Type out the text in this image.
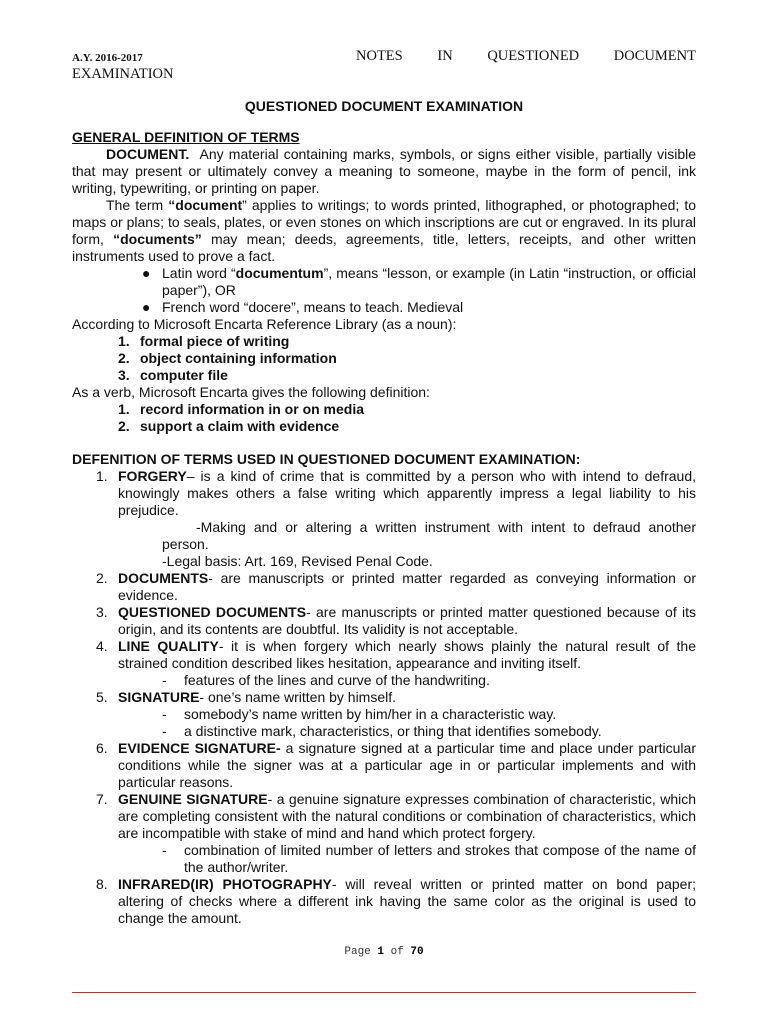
A.Y. 2016-2017	NOTES IN QUESTIONED DOCUMENT
EXAMINATION
QUESTIONED DOCUMENT EXAMINATION
GENERAL DEFINITION OF TERMS

DOCUMENT. Any material containing marks, symbols, or signs either visible, partially visible that may present or ultimately convey a meaning to someone, maybe in the form of pencil, ink writing, typewriting, or printing on paper.

The term “document” applies to writings; to words printed, lithographed, or photographed; to maps or plans; to seals, plates, or even stones on which inscriptions are cut or engraved. In its plural form, “documents” may mean; deeds, agreements, title, letters, receipts, and other written instruments used to prove a fact.

● Latin word “documentum”, means “lesson, or example (in Latin “instruction, or official paper”), OR
● French word “docere”, means to teach. Medieval

According to Microsoft Encarta Reference Library (as a noun):

1. formal piece of writing
2. object containing information
3. computer file

As a verb, Microsoft Encarta gives the following definition:

1. record information in or on media
2. support a claim with evidence
DEFENITION OF TERMS USED IN QUESTIONED DOCUMENT EXAMINATION:
1. FORGERY– is a kind of crime that is committed by a person who with intend to defraud, knowingly makes others a false writing which apparently impress a legal liability to his prejudice.
-Making and or altering a written instrument with intent to defraud another person.
-Legal basis: Art. 169, Revised Penal Code.
2. DOCUMENTS- are manuscripts or printed matter regarded as conveying information or evidence.
3. QUESTIONED DOCUMENTS- are manuscripts or printed matter questioned because of its origin, and its contents are doubtful. Its validity is not acceptable.
4. LINE QUALITY- it is when forgery which nearly shows plainly the natural result of the strained condition described likes hesitation, appearance and inviting itself.
- features of the lines and curve of the handwriting.
5. SIGNATURE- one’s name written by himself.
- somebody’s name written by him/her in a characteristic way.
- a distinctive mark, characteristics, or thing that identifies somebody.
6. EVIDENCE SIGNATURE- a signature signed at a particular time and place under particular conditions while the signer was at a particular age in or particular implements and with particular reasons.
7. GENUINE SIGNATURE- a genuine signature expresses combination of characteristic, which are completing consistent with the natural conditions or combination of characteristics, which are incompatible with stake of mind and hand which protect forgery.
- combination of limited number of letters and strokes that compose of the name of the author/writer.
8. INFRARED(IR) PHOTOGRAPHY- will reveal written or printed matter on bond paper; altering of checks where a different ink having the same color as the original is used to change the amount.
Page 1 of 70
